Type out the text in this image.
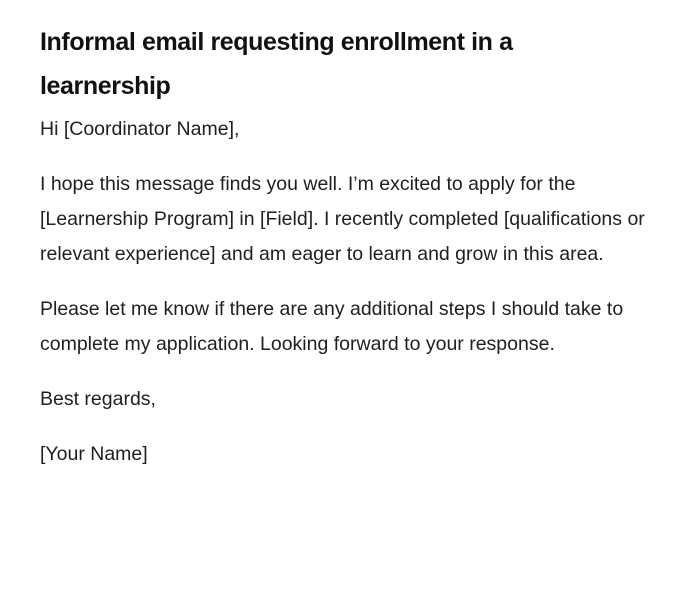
Informal email requesting enrollment in a learnership

Hi [Coordinator Name],

I hope this message finds you well. I’m excited to apply for the [Learnership Program] in [Field]. I recently completed [qualifications or relevant experience] and am eager to learn and grow in this area.

Please let me know if there are any additional steps I should take to complete my application. Looking forward to your response.

Best regards,

[Your Name]
